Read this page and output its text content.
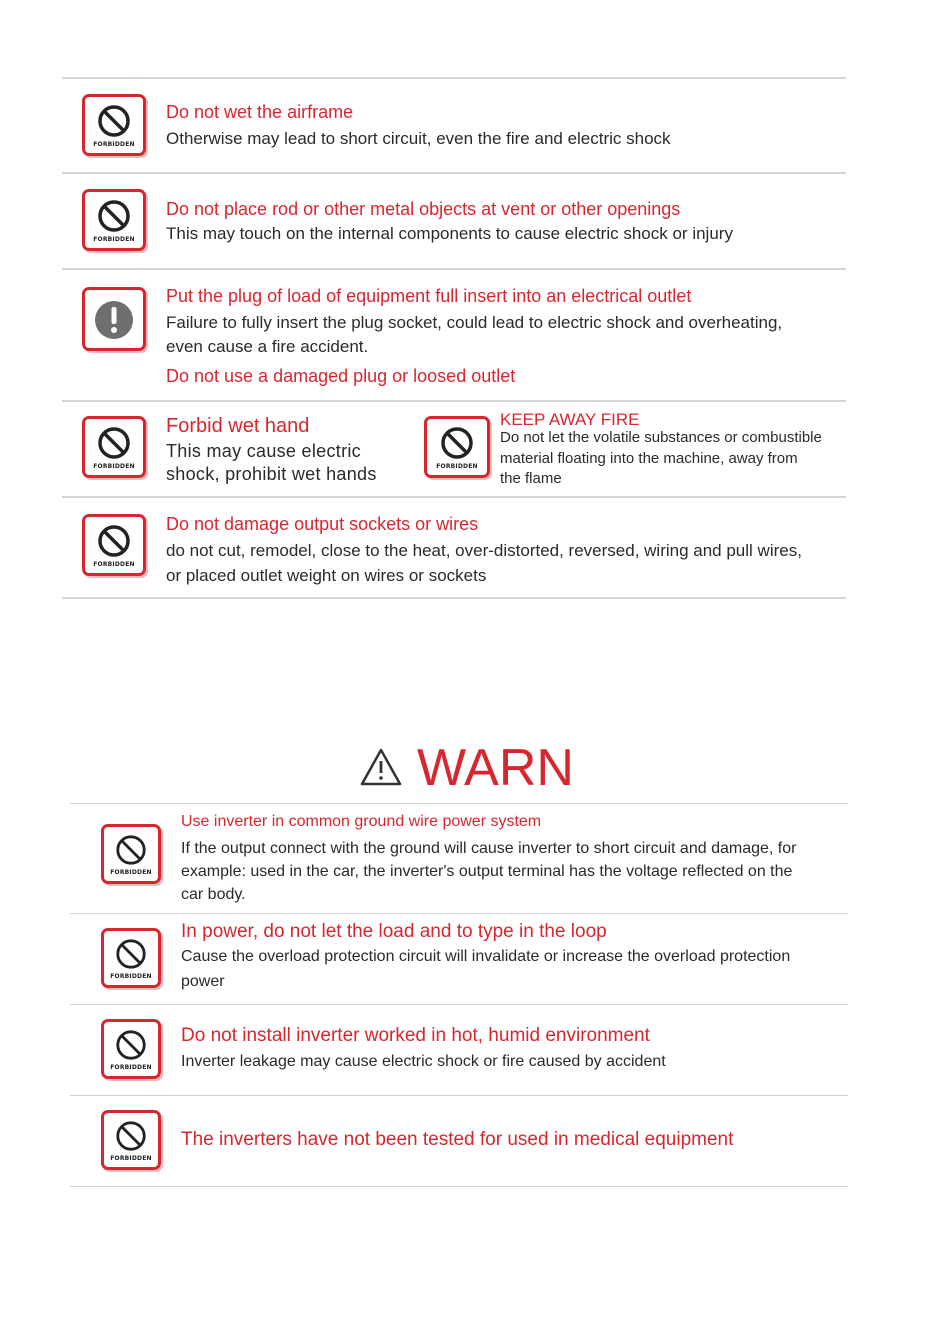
FORBIDDEN
Do not wet the airframe
Otherwise may lead to short circuit, even the fire and electric shock
FORBIDDEN
Do not place rod or other metal objects at vent or other openings
This may touch on the internal components to cause electric shock or injury
Put the plug of load of equipment full insert into an electrical outlet
Failure to fully insert the plug socket, could lead to electric shock and overheating,
even cause a fire accident.
Do not use a damaged plug or loosed outlet
FORBIDDEN
Forbid wet hand
This may cause electric
shock, prohibit wet hands	FORBIDDEN
KEEP AWAY FIRE
Do not let the volatile substances or combustible
material floating into the machine, away from
the flame
FORBIDDEN
Do not damage output sockets or wires
do not cut, remodel, close to the heat, over-distorted, reversed, wiring and pull wires,
or placed outlet weight on wires or sockets
WARN
FORBIDDEN
Use inverter in common ground wire power system
If the output connect with the ground will cause inverter to short circuit and damage, for
example: used in the car, the inverter's output terminal has the voltage reflected on the
car body.
FORBIDDEN
In power, do not let the load and to type in the loop
Cause the overload protection circuit will invalidate or increase the overload protection
power
FORBIDDEN
Do not install inverter worked in hot, humid environment
Inverter leakage may cause electric shock or fire caused by accident
FORBIDDEN
The inverters have not been tested for used in medical equipment
